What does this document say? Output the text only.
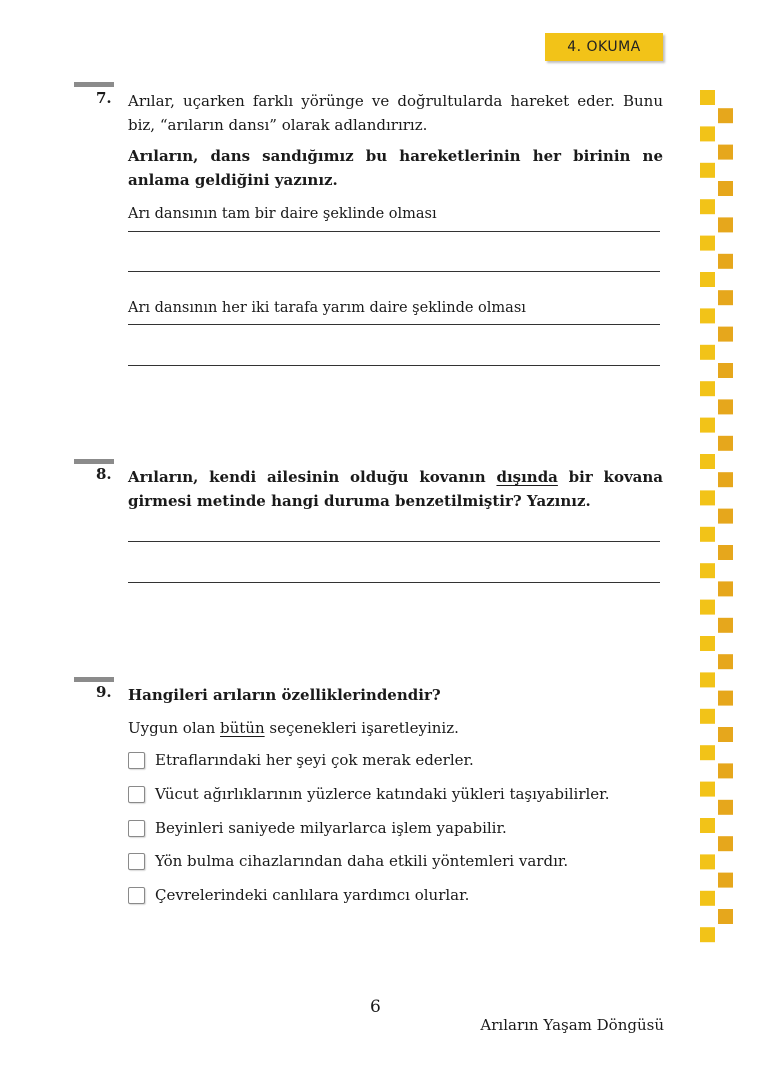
4. OKUMA
7. Arılar, uçarken farklı yörünge ve doğrultularda hareket eder. Bunu biz, “arıların dansı” olarak adlandırırız.
Arıların, dans sandığımız bu hareketlerinin her birinin ne anlama geldiğini yazınız.
Arı dansının tam bir daire şeklinde olması
Arı dansının her iki tarafa yarım daire şeklinde olması
8. Arıların, kendi ailesinin olduğu kovanın dışında bir kovana girmesi metinde hangi duruma benzetilmiştir? Yazınız.
9. Hangileri arıların özelliklerindendir?
Uygun olan bütün seçenekleri işaretleyiniz.
Etraflarındaki her şeyi çok merak ederler.
Vücut ağırlıklarının yüzlerce katındaki yükleri taşıyabilirler.
Beyinleri saniyede milyarlarca işlem yapabilir.
Yön bulma cihazlarından daha etkili yöntemleri vardır.
Çevrelerindeki canlılara yardımcı olurlar.
6
Arıların Yaşam Döngüsü
